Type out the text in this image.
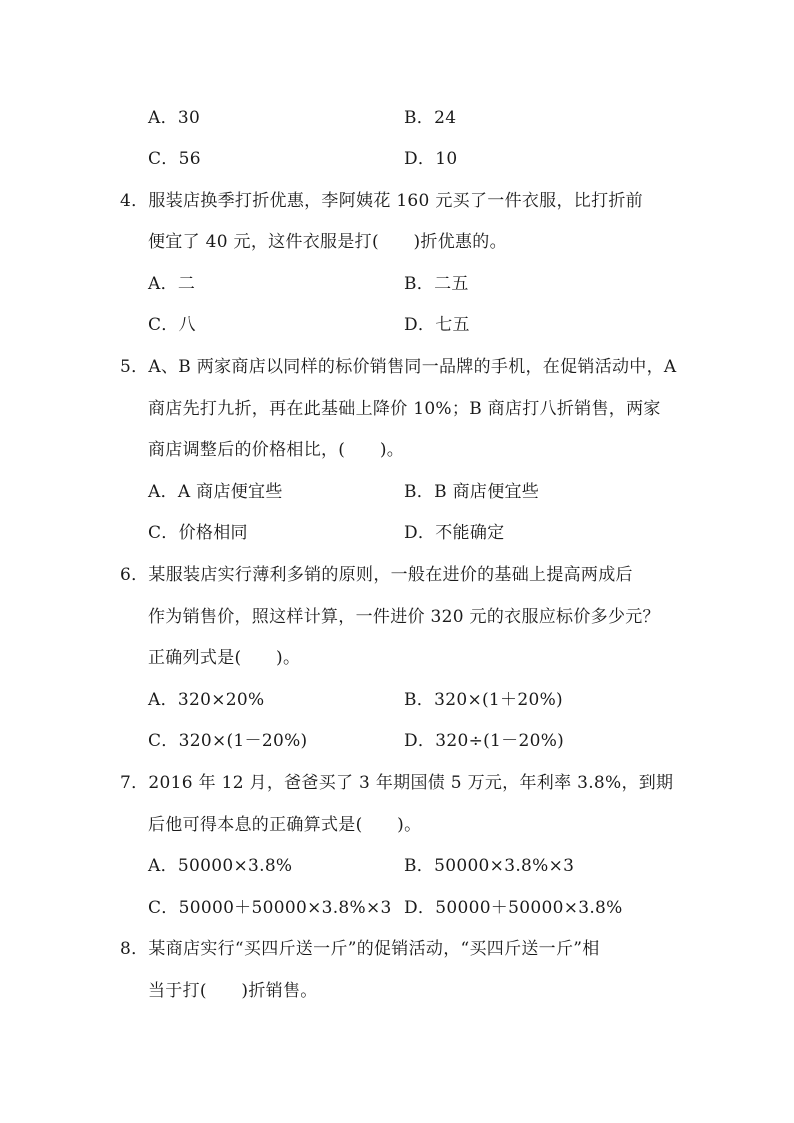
A．30	B．24
C．56	D．10
4．服装店换季打折优惠，李阿姨花 160 元买了一件衣服，比打折前
便宜了 40 元，这件衣服是打(　　)折优惠的。
A．二	B．二五
C．八	D．七五
5．A、B 两家商店以同样的标价销售同一品牌的手机，在促销活动中，A
商店先打九折，再在此基础上降价 10%；B 商店打八折销售，两家
商店调整后的价格相比，(　　)。
A．A 商店便宜些	B．B 商店便宜些
C．价格相同	D．不能确定
6．某服装店实行薄利多销的原则，一般在进价的基础上提高两成后
作为销售价，照这样计算，一件进价 320 元的衣服应标价多少元？
正确列式是(　　)。
A．320×20%	B．320×(1＋20%)
C．320×(1－20%)	D．320÷(1－20%)
7．2016 年 12 月，爸爸买了 3 年期国债 5 万元，年利率 3.8%，到期
后他可得本息的正确算式是(　　)。
A．50000×3.8%	B．50000×3.8%×3
C．50000＋50000×3.8%×3 D．50000＋50000×3.8%
8．某商店实行“买四斤送一斤”的促销活动，“买四斤送一斤”相
当于打(　　)折销售。
